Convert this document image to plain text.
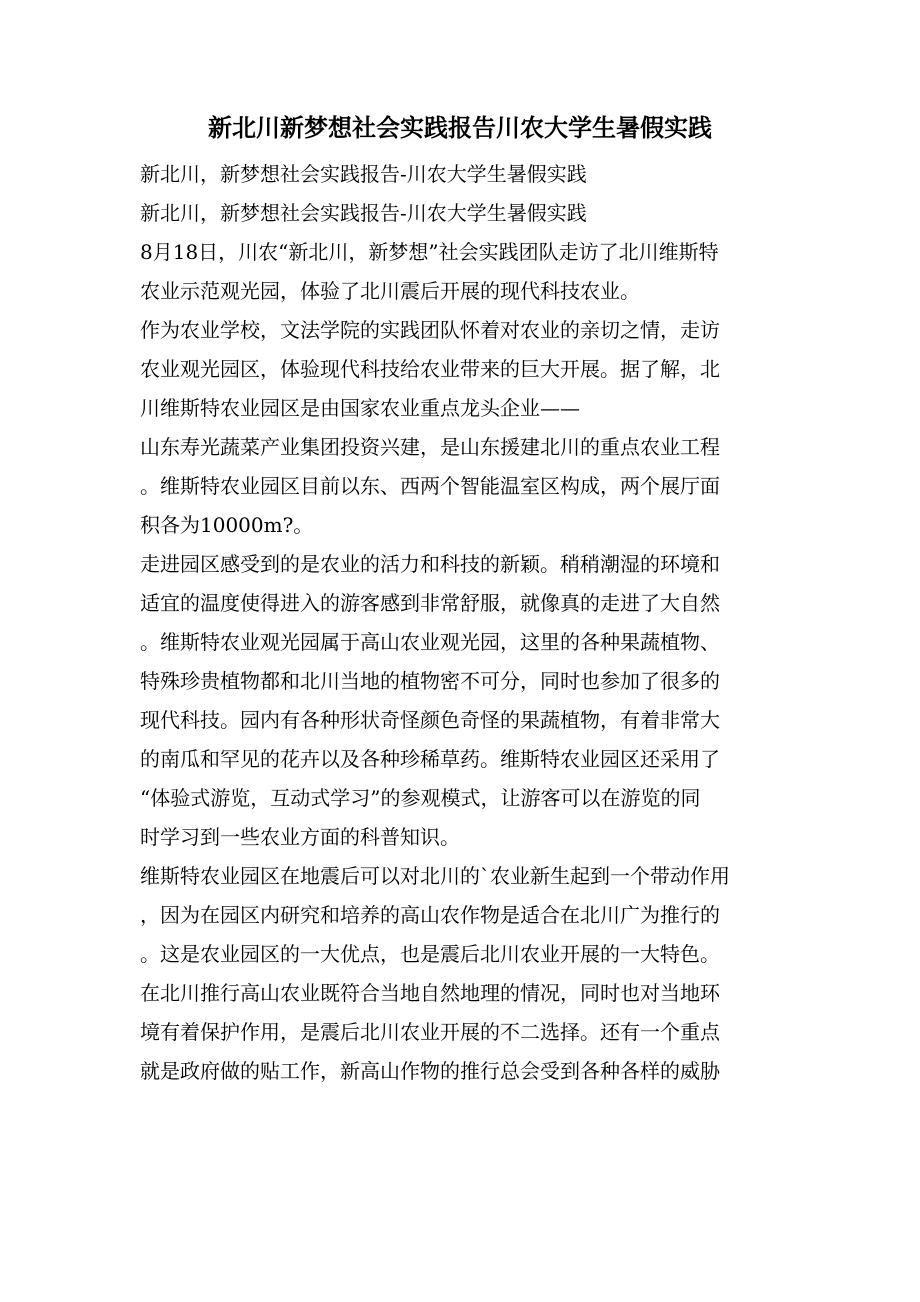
新北川新梦想社会实践报告川农大学生暑假实践
新北川，新梦想社会实践报告-川农大学生暑假实践
新北川，新梦想社会实践报告-川农大学生暑假实践
8月18日，川农“新北川，新梦想”社会实践团队走访了北川维斯特
农业示范观光园，体验了北川震后开展的现代科技农业。
作为农业学校，文法学院的实践团队怀着对农业的亲切之情，走访
农业观光园区，体验现代科技给农业带来的巨大开展。据了解，北
川维斯特农业园区是由国家农业重点龙头企业——
山东寿光蔬菜产业集团投资兴建，是山东援建北川的重点农业工程
。维斯特农业园区目前以东、西两个智能温室区构成，两个展厅面
积各为10000m?。
走进园区感受到的是农业的活力和科技的新颖。稍稍潮湿的环境和
适宜的温度使得进入的游客感到非常舒服，就像真的走进了大自然
。维斯特农业观光园属于高山农业观光园，这里的各种果蔬植物、
特殊珍贵植物都和北川当地的植物密不可分，同时也参加了很多的
现代科技。园内有各种形状奇怪颜色奇怪的果蔬植物，有着非常大
的南瓜和罕见的花卉以及各种珍稀草药。维斯特农业园区还采用了
“体验式游览，互动式学习”的参观模式，让游客可以在游览的同
时学习到一些农业方面的科普知识。
维斯特农业园区在地震后可以对北川的`农业新生起到一个带动作用
，因为在园区内研究和培养的高山农作物是适合在北川广为推行的
。这是农业园区的一大优点，也是震后北川农业开展的一大特色。
在北川推行高山农业既符合当地自然地理的情况，同时也对当地环
境有着保护作用，是震后北川农业开展的不二选择。还有一个重点
就是政府做的贴工作，新高山作物的推行总会受到各种各样的威胁
